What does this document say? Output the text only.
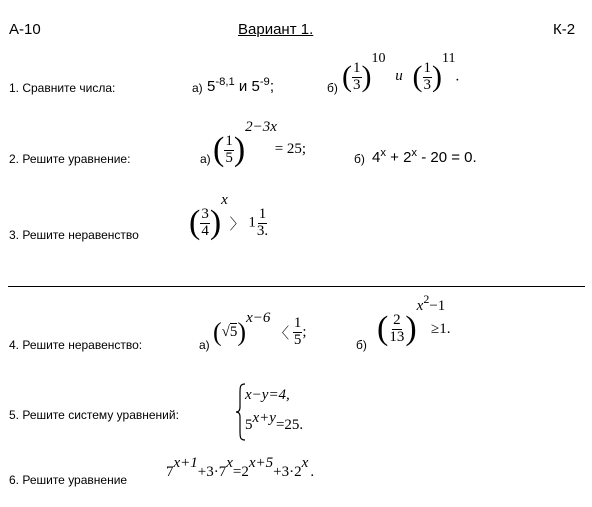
А-10	Вариант 1.	К-2
1. Сравните числа:	а) $5^{-8,1}$ и $5^{-9}$;	б) ( $\frac{1}{3} )10$ и ( $\frac{1}{3} )11$.
2. Решите уравнение:	а) ( $\frac{1}{5} )2-3x = 25$;
б) $4^x + 2^x - 20 = 0$.
3. Решите неравенство ( $\frac{3}{4} )x$ 〉 $1 \frac{1}{3.}$
4. Решите неравенство:	а) (√5)x−6 〈 $\frac{1}{5}$ ;
б) ( $\frac{2}{13} )x^2-1 \ge 1$.
5. Решите систему уравнений:
x−y=4,
5x+y=25.
6. Решите уравнение	7x+1+3·7x=2x+5+3·2x.
